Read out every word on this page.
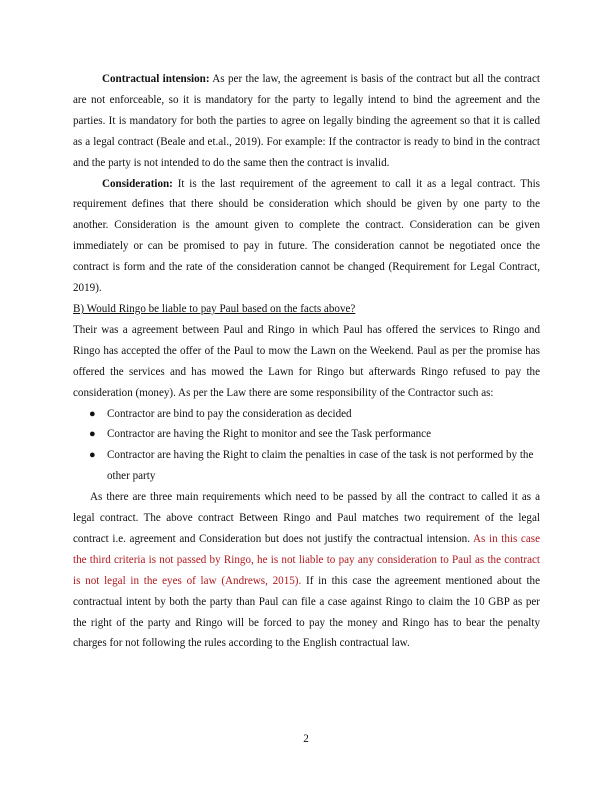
Contractual intension: As per the law, the agreement is basis of the contract but all the contract are not enforceable, so it is mandatory for the party to legally intend to bind the agreement and the parties. It is mandatory for both the parties to agree on legally binding the agreement so that it is called as a legal contract (Beale and et.al., 2019). For example: If the contractor is ready to bind in the contract and the party is not intended to do the same then the contract is invalid.

Consideration: It is the last requirement of the agreement to call it as a legal contract. This requirement defines that there should be consideration which should be given by one party to the another. Consideration is the amount given to complete the contract. Consideration can be given immediately or can be promised to pay in future. The consideration cannot be negotiated once the contract is form and the rate of the consideration cannot be changed (Requirement for Legal Contract, 2019).

B) Would Ringo be liable to pay Paul based on the facts above?

Their was a agreement between Paul and Ringo in which Paul has offered the services to Ringo and Ringo has accepted the offer of the Paul to mow the Lawn on the Weekend. Paul as per the promise has offered the services and has mowed the Lawn for Ringo but afterwards Ringo refused to pay the consideration (money). As per the Law there are some responsibility of the Contractor such as:

● Contractor are bind to pay the consideration as decided
● Contractor are having the Right to monitor and see the Task performance
● Contractor are having the Right to claim the penalties in case of the task is not performed by the other party

As there are three main requirements which need to be passed by all the contract to called it as a legal contract. The above contract Between Ringo and Paul matches two requirement of the legal contract i.e. agreement and Consideration but does not justify the contractual intension. As in this case the third criteria is not passed by Ringo, he is not liable to pay any consideration to Paul as the contract is not legal in the eyes of law (Andrews, 2015). If in this case the agreement mentioned about the contractual intent by both the party than Paul can file a case against Ringo to claim the 10 GBP as per the right of the party and Ringo will be forced to pay the money and Ringo has to bear the penalty charges for not following the rules according to the English contractual law.

2
